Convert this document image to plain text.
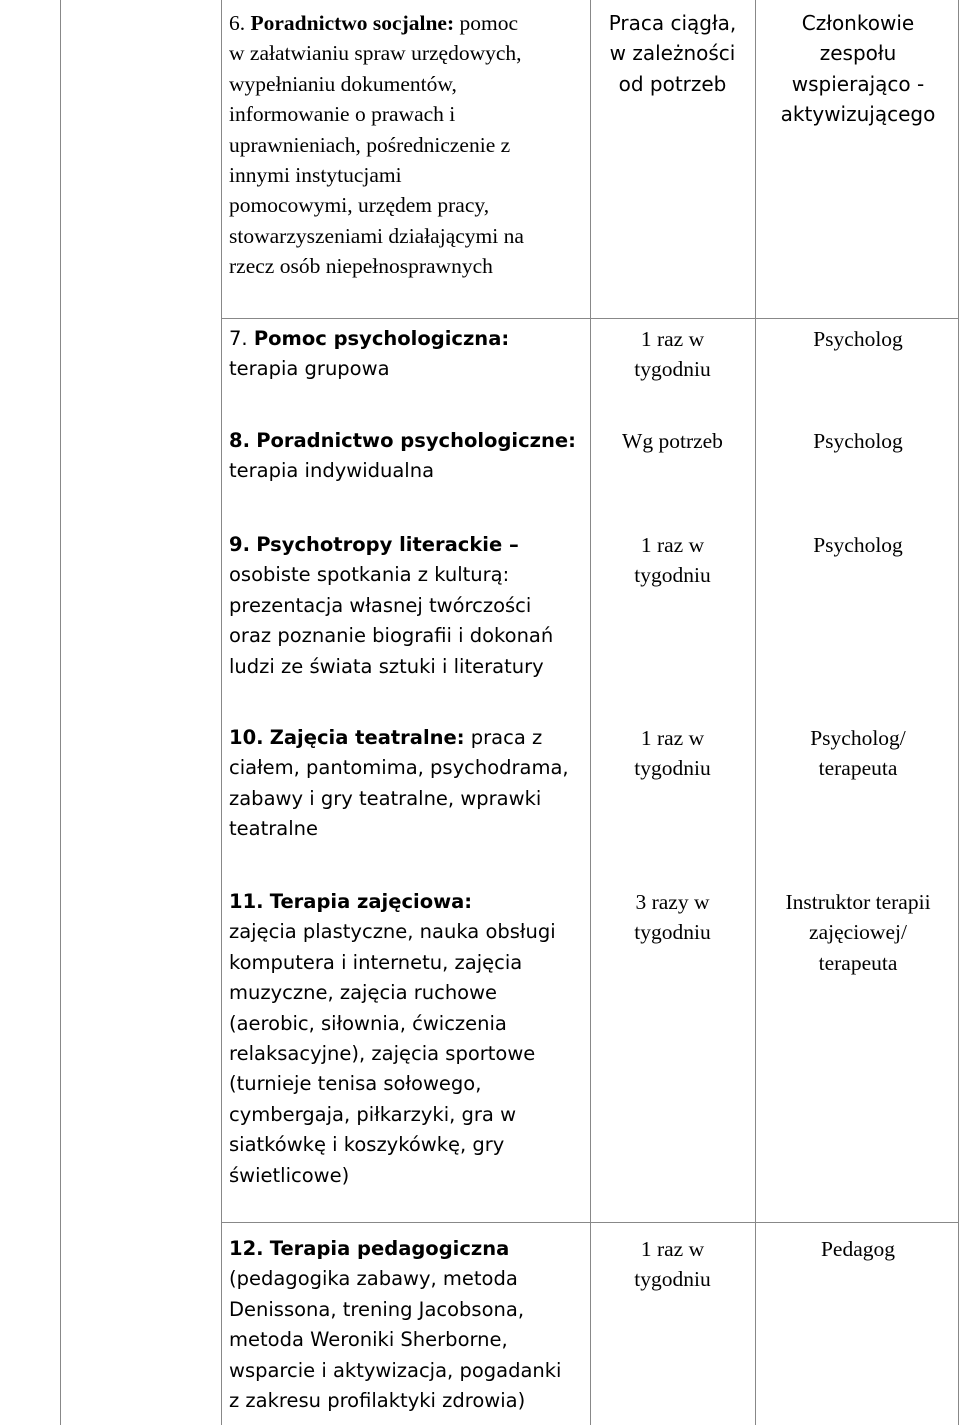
6. Poradnictwo socjalne: pomoc
w załatwianiu spraw urzędowych,
wypełnianiu dokumentów,
informowanie o prawach i
uprawnieniach, pośredniczenie z
innymi instytucjami
pomocowymi, urzędem pracy,
stowarzyszeniami działającymi na
rzecz osób niepełnosprawnych
Praca ciągła,
w zależności
od potrzeb
Członkowie
zespołu
wspierająco -
aktywizującego
7. Pomoc psychologiczna:
terapia grupowa
1 raz w
tygodniu
Psycholog
8. Poradnictwo psychologiczne:
terapia indywidualna
Wg potrzeb	Psycholog
9. Psychotropy literackie –
osobiste spotkania z kulturą:
prezentacja własnej twórczości
oraz poznanie biografii i dokonań
ludzi ze świata sztuki i literatury
1 raz w
tygodniu
Psycholog
10. Zajęcia teatralne: praca z
ciałem, pantomima, psychodrama,
zabawy i gry teatralne, wprawki
teatralne
1 raz w
tygodniu
Psycholog/
terapeuta
11. Terapia zajęciowa:
zajęcia plastyczne, nauka obsługi
komputera i internetu, zajęcia
muzyczne, zajęcia ruchowe
(aerobic, siłownia, ćwiczenia
relaksacyjne), zajęcia sportowe
(turnieje tenisa sołowego,
cymbergaja, piłkarzyki, gra w
siatkówkę i koszykówkę, gry
świetlicowe)
3 razy w
tygodniu
Instruktor terapii
zajęciowej/
terapeuta
12. Terapia pedagogiczna
(pedagogika zabawy, metoda
Denissona, trening Jacobsona,
metoda Weroniki Sherborne,
wsparcie i aktywizacja, pogadanki
z zakresu profilaktyki zdrowia)
1 raz w
tygodniu
Pedagog
